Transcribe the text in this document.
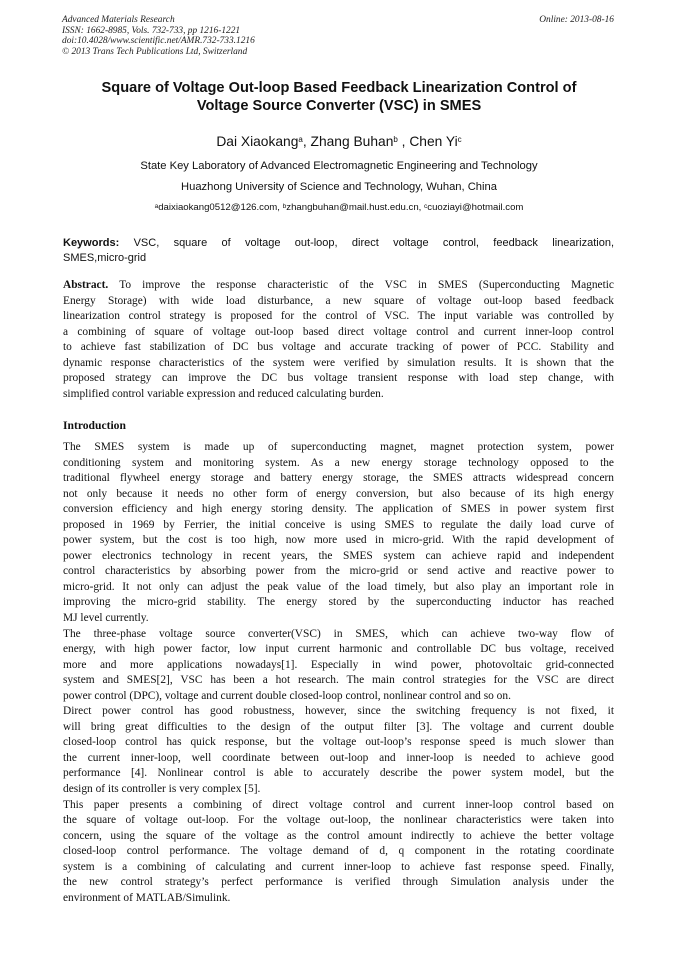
Advanced Materials Research
ISSN: 1662-8985, Vols. 732-733, pp 1216-1221
doi:10.4028/www.scientific.net/AMR.732-733.1216
© 2013 Trans Tech Publications Ltd, Switzerland
Online: 2013-08-16
Square of Voltage Out-loop Based Feedback Linearization Control of
Voltage Source Converter (VSC) in SMES
Dai Xiaokang$^a$, Zhang Buhan$^b$ , Chen Yi$^c$
State Key Laboratory of Advanced Electromagnetic Engineering and Technology
Huazhong University of Science and Technology, Wuhan, China
$^a$daixiaokang0512@126.com, $^b$zhangbuhan@mail.hust.edu.cn, $^c$cuoziayi@hotmail.com
Keywords: VSC, square of voltage out-loop, direct voltage control, feedback linearization,
SMES,micro-grid
Abstract. To improve the response characteristic of the VSC in SMES (Superconducting Magnetic
Energy Storage) with wide load disturbance, a new square of voltage out-loop based feedback
linearization control strategy is proposed for the control of VSC. The input variable was controlled by
a combining of square of voltage out-loop based direct voltage control and current inner-loop control
to achieve fast stabilization of DC bus voltage and accurate tracking of power of PCC. Stability and
dynamic response characteristics of the system were verified by simulation results. It is shown that the
proposed strategy can improve the DC bus voltage transient response with load step change, with
simplified control variable expression and reduced calculating burden.
Introduction
The SMES system is made up of superconducting magnet, magnet protection system, power
conditioning system and monitoring system. As a new energy storage technology opposed to the
traditional flywheel energy storage and battery energy storage, the SMES attracts widespread concern
not only because it needs no other form of energy conversion, but also because of its high energy
conversion efficiency and high energy storing density. The application of SMES in power system first
proposed in 1969 by Ferrier, the initial conceive is using SMES to regulate the daily load curve of
power system, but the cost is too high, now more used in micro-grid. With the rapid development of
power electronics technology in recent years, the SMES system can achieve rapid and independent
control characteristics by absorbing power from the micro-grid or send active and reactive power to
micro-grid. It not only can adjust the peak value of the load timely, but also play an important role in
improving the micro-grid stability. The energy stored by the superconducting inductor has reached
MJ level currently.
The three-phase voltage source converter(VSC) in SMES, which can achieve two-way flow of
energy, with high power factor, low input current harmonic and controllable DC bus voltage, received
more and more applications nowadays[1]. Especially in wind power, photovoltaic grid-connected
system and SMES[2], VSC has been a hot research. The main control strategies for the VSC are direct
power control (DPC), voltage and current double closed-loop control, nonlinear control and so on.
Direct power control has good robustness, however, since the switching frequency is not fixed, it
will bring great difficulties to the design of the output filter [3]. The voltage and current double
closed-loop control has quick response, but the voltage out-loop’s response speed is much slower than
the current inner-loop, well coordinate between out-loop and inner-loop is needed to achieve good
performance [4]. Nonlinear control is able to accurately describe the power system model, but the
design of its controller is very complex [5].
This paper presents a combining of direct voltage control and current inner-loop control based on
the square of voltage out-loop. For the voltage out-loop, the nonlinear characteristics were taken into
concern, using the square of the voltage as the control amount indirectly to achieve the better voltage
closed-loop control performance. The voltage demand of d, q component in the rotating coordinate
system is a combining of calculating and current inner-loop to achieve fast response speed. Finally,
the new control strategy’s perfect performance is verified through Simulation analysis under the
environment of MATLAB/Simulink.
